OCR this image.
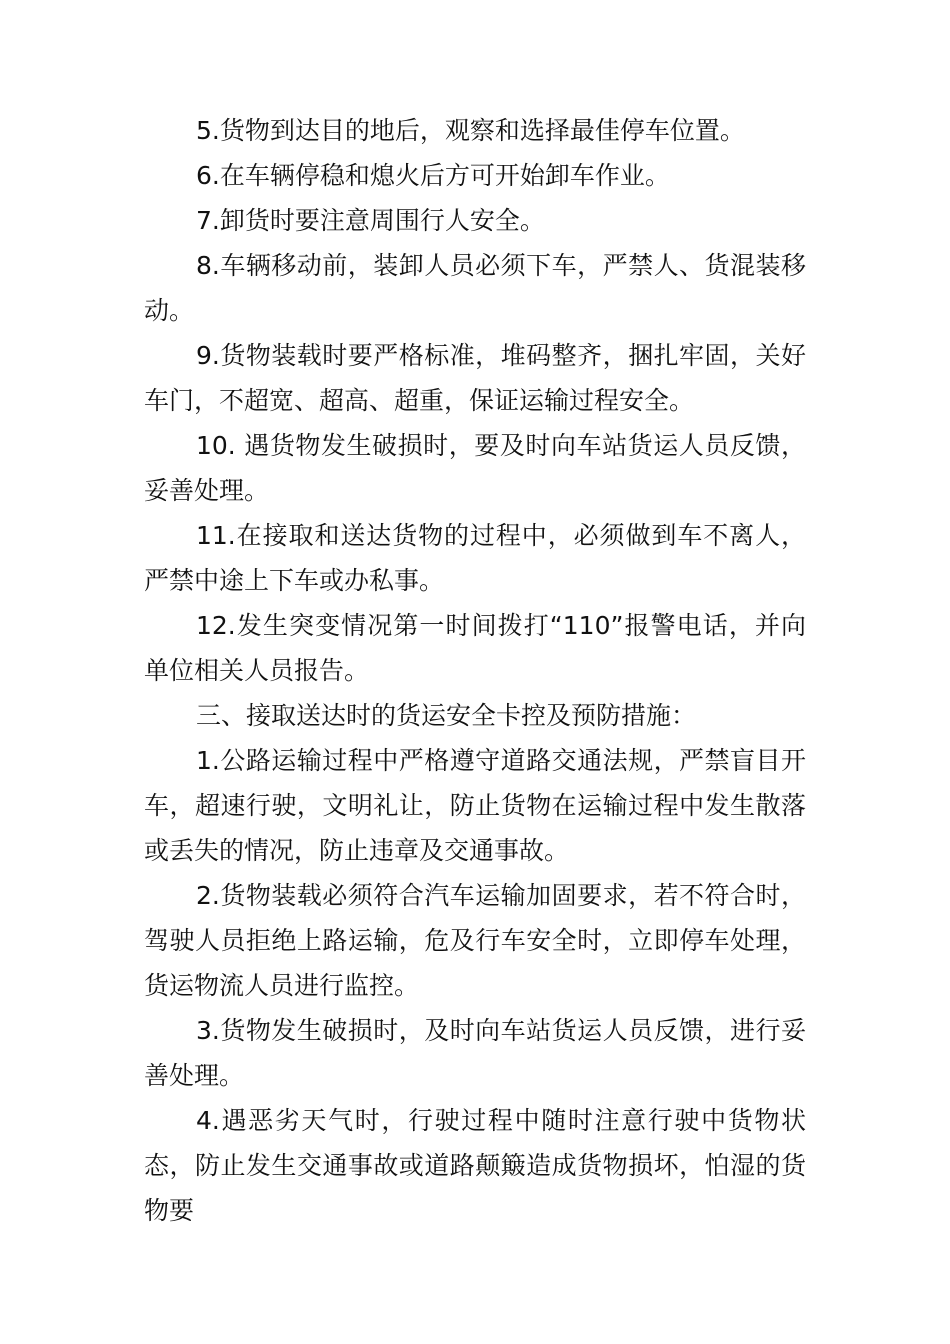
5.货物到达目的地后，观察和选择最佳停车位置。

6.在车辆停稳和熄火后方可开始卸车作业。

7.卸货时要注意周围行人安全。

8.车辆移动前，装卸人员必须下车，严禁人、货混装移动。

9.货物装载时要严格标准，堆码整齐，捆扎牢固，关好车门，不超宽、超高、超重，保证运输过程安全。

10. 遇货物发生破损时，要及时向车站货运人员反馈，妥善处理。

11.在接取和送达货物的过程中，必须做到车不离人，严禁中途上下车或办私事。

12.发生突变情况第一时间拨打“110”报警电话，并向单位相关人员报告。

三、接取送达时的货运安全卡控及预防措施：

1.公路运输过程中严格遵守道路交通法规，严禁盲目开车，超速行驶，文明礼让，防止货物在运输过程中发生散落或丢失的情况，防止违章及交通事故。

2.货物装载必须符合汽车运输加固要求，若不符合时，驾驶人员拒绝上路运输，危及行车安全时，立即停车处理，货运物流人员进行监控。

3.货物发生破损时，及时向车站货运人员反馈，进行妥善处理。

4.遇恶劣天气时，行驶过程中随时注意行驶中货物状态，防止发生交通事故或道路颠簸造成货物损坏，怕湿的货物要
